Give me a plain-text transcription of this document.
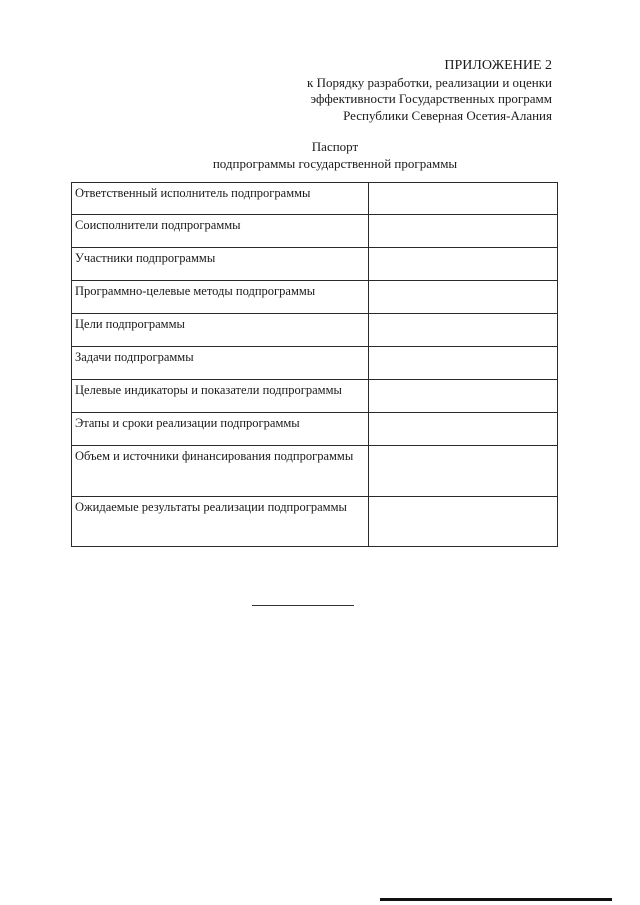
ПРИЛОЖЕНИЕ 2
к Порядку разработки, реализации и оценки
эффективности Государственных программ
Республики Северная Осетия-Алания
Паспорт
подпрограммы государственной программы
Ответственный исполнитель подпрограммы	
Соисполнители подпрограммы	
Участники подпрограммы	
Программно-целевые методы подпрограммы	
Цели подпрограммы	
Задачи подпрограммы	
Целевые индикаторы и показатели подпрограммы	
Этапы и сроки реализации подпрограммы	
Объем и источники финансирования подпрограммы	
Ожидаемые результаты реализации подпрограммы	
